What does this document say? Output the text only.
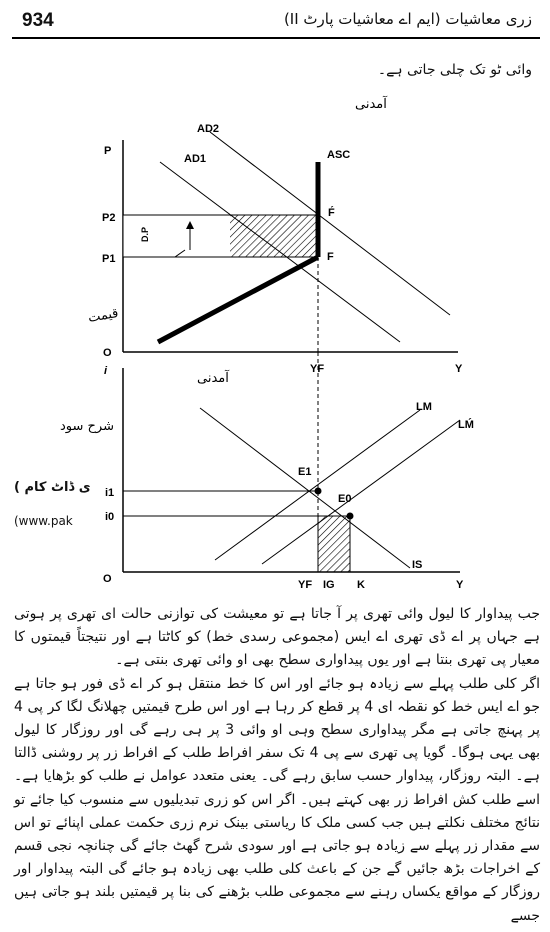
934	زری معاشیات (ایم اے معاشیات پارٹ II)
وائی ٹو تک چلی جاتی ہے۔
آمدنی
D.P
AD2
AD1	ASC
P
P2
P1
F́
F
O
YF	Y
قیمت
آمدنی
i
i1
i0
LM
LḾ
E1
E0
IS
O	YF IG K	Y
شرح سود
ی ڈاٹ کام )
(www.pak

جب پیداوار کا لیول وائی تھری پر آ جاتا ہے تو معیشت کی توازنی حالت ای تھری پر ہوتی ہے جہاں پر اے ڈی تھری اے ایس (مجموعی رسدی خط) کو کاٹتا ہے اور نتیجتاً قیمتوں کا معیار پی تھری بنتا ہے اور یوں پیداواری سطح بھی او وائی تھری بنتی ہے۔

اگر کلی طلب پہلے سے زیادہ ہو جائے اور اس کا خط منتقل ہو کر اے ڈی فور ہو جاتا ہے جو اے ایس خط کو نقطہ ای 4 پر قطع کر رہا ہے اور اس طرح قیمتیں چھلانگ لگا کر پی 4 پر پہنچ جاتی ہے مگر پیداواری سطح وہی او وائی 3 پر ہی رہے گی اور روزگار کا لیول بھی یہی ہوگا۔ گویا پی تھری سے پی 4 تک سفر افراط طلب کے افراط زر پر روشنی ڈالتا ہے۔ البتہ روزگار، پیداوار حسب سابق رہے گی۔ یعنی متعدد عوامل نے طلب کو بڑھایا ہے۔ اسے طلب کش افراط زر بھی کہتے ہیں۔ اگر اس کو زری تبدیلیوں سے منسوب کیا جائے تو نتائج مختلف نکلتے ہیں جب کسی ملک کا ریاستی بینک نرم زری حکمت عملی اپنائے تو اس سے مقدار زر پہلے سے زیادہ ہو جاتی ہے اور سودی شرح گھٹ جائے گی چنانچہ نجی قسم کے اخراجات بڑھ جائیں گے جن کے باعث کلی طلب بھی زیادہ ہو جائے گی البتہ پیداوار اور روزگار کے مواقع یکساں رہنے سے مجموعی طلب بڑھنے کی بنا پر قیمتیں بلند ہو جاتی ہیں جسے
